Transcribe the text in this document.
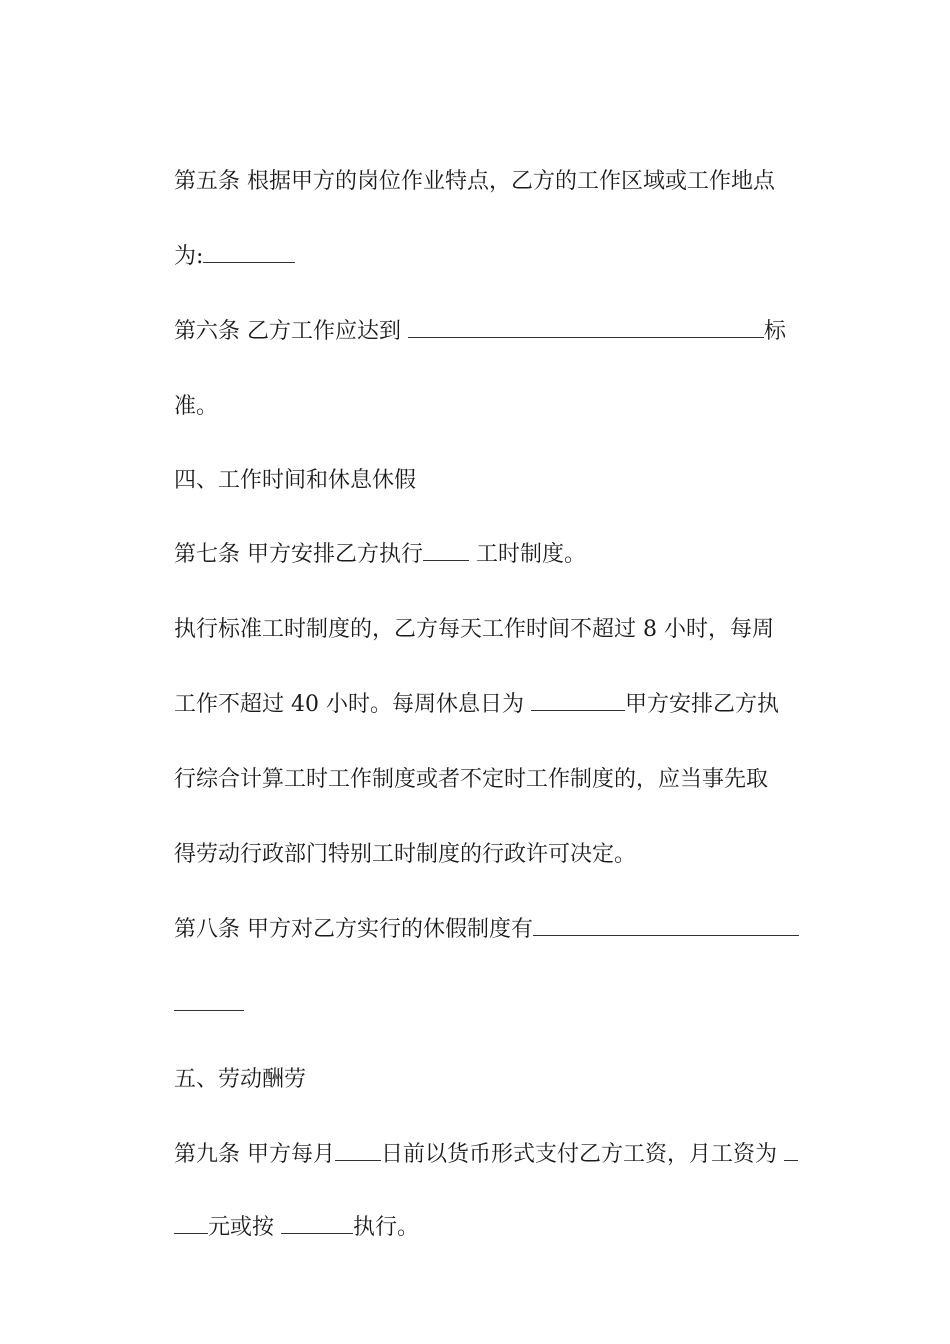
第五条 根据甲方的岗位作业特点，乙方的工作区域或工作地点

为:

第六条 乙方工作应达到	标

准。

四、工作时间和休息休假

第七条 甲方安排乙方执行 工时制度。

执行标准工时制度的，乙方每天工作时间不超过 8 小时，每周

工作不超过 40 小时。每周休息日为	甲方安排乙方执

行综合计算工时工作制度或者不定时工作制度的，应当事先取

得劳动行政部门特别工时制度的行政许可决定。

第八条 甲方对乙方实行的休假制度有

五、劳动酬劳

第九条 甲方每月 日前以货币形式支付乙方工资，月工资为

元或按	执行。
